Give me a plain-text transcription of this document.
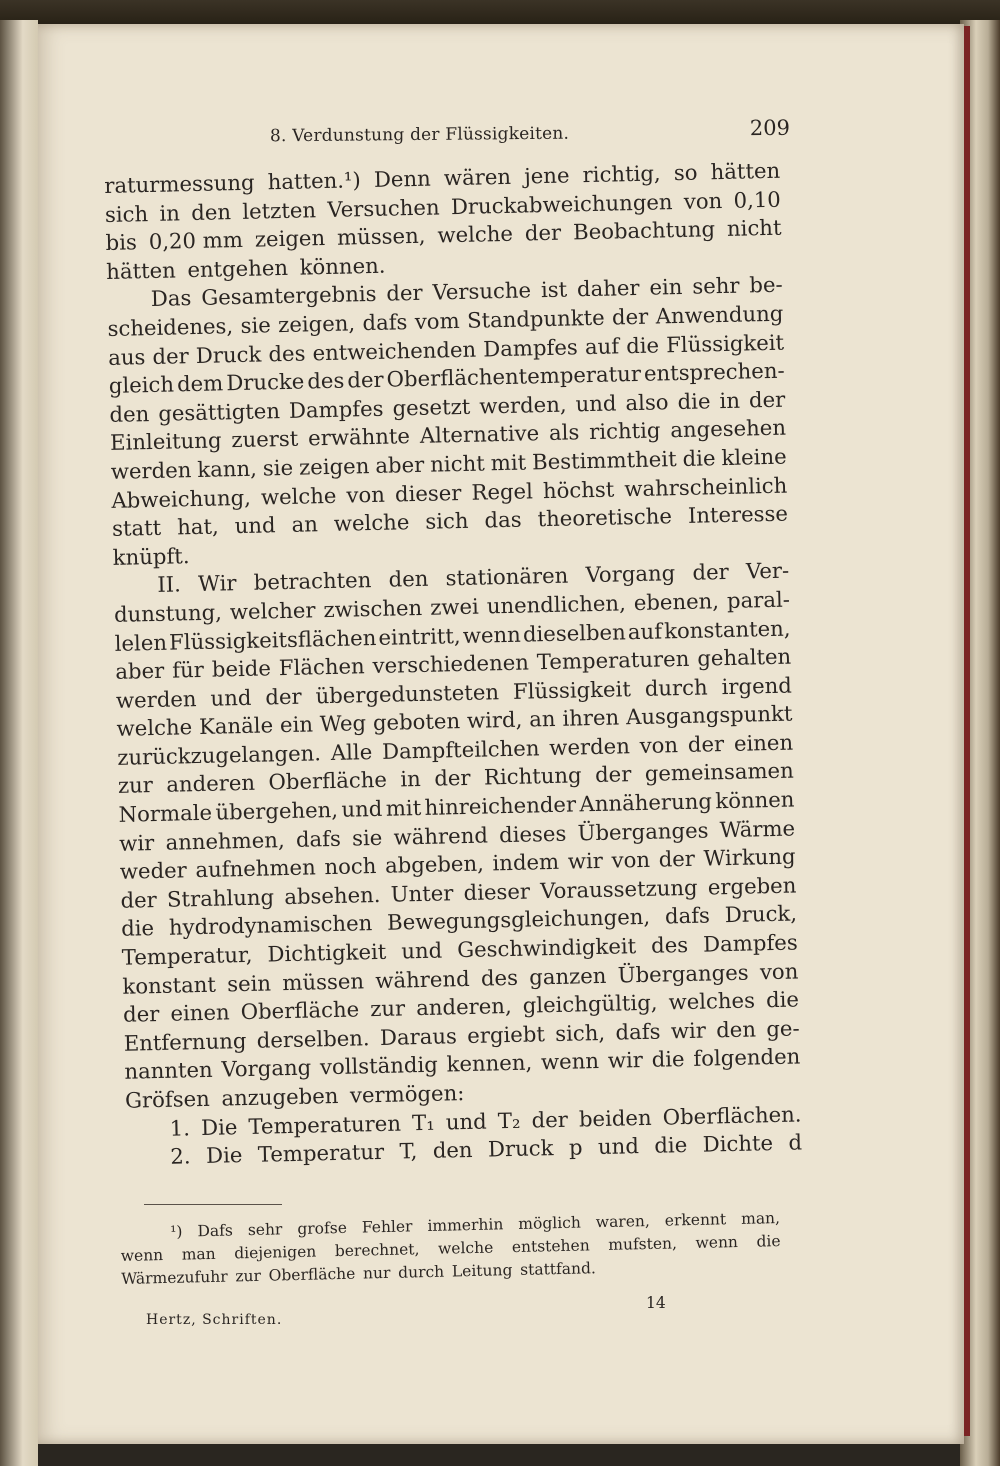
8. Verdunstung der Flüssigkeiten.	209
raturmessung hatten.¹) Denn wären jene richtig, so hätten
sich in den letzten Versuchen Druckabweichungen von 0,10
bis 0,20 mm zeigen müssen, welche der Beobachtung nicht
hätten entgehen können.
Das Gesamtergebnis der Versuche ist daher ein sehr be-
scheidenes, sie zeigen, dafs vom Standpunkte der Anwendung
aus der Druck des entweichenden Dampfes auf die Flüssigkeit
gleich dem Drucke des der Oberflächentemperatur entsprechen-
den gesättigten Dampfes gesetzt werden, und also die in der
Einleitung zuerst erwähnte Alternative als richtig angesehen
werden kann, sie zeigen aber nicht mit Bestimmtheit die kleine
Abweichung, welche von dieser Regel höchst wahrscheinlich
statt hat, und an welche sich das theoretische Interesse
knüpft.
II. Wir betrachten den stationären Vorgang der Ver-
dunstung, welcher zwischen zwei unendlichen, ebenen, paral-
lelen Flüssigkeitsflächen eintritt, wenn dieselben auf konstanten,
aber für beide Flächen verschiedenen Temperaturen gehalten
werden und der übergedunsteten Flüssigkeit durch irgend
welche Kanäle ein Weg geboten wird, an ihren Ausgangspunkt
zurückzugelangen. Alle Dampfteilchen werden von der einen
zur anderen Oberfläche in der Richtung der gemeinsamen
Normale übergehen, und mit hinreichender Annäherung können
wir annehmen, dafs sie während dieses Überganges Wärme
weder aufnehmen noch abgeben, indem wir von der Wirkung
der Strahlung absehen. Unter dieser Voraussetzung ergeben
die hydrodynamischen Bewegungsgleichungen, dafs Druck,
Temperatur, Dichtigkeit und Geschwindigkeit des Dampfes
konstant sein müssen während des ganzen Überganges von
der einen Oberfläche zur anderen, gleichgültig, welches die
Entfernung derselben. Daraus ergiebt sich, dafs wir den ge-
nannten Vorgang vollständig kennen, wenn wir die folgenden
Gröfsen anzugeben vermögen:
1. Die Temperaturen T₁ und T₂ der beiden Oberflächen.
2. Die Temperatur T, den Druck p und die Dichte d
¹) Dafs sehr grofse Fehler immerhin möglich waren, erkennt man,
wenn man diejenigen berechnet, welche entstehen mufsten, wenn die
Wärmezufuhr zur Oberfläche nur durch Leitung stattfand.
14
Hertz, Schriften.
